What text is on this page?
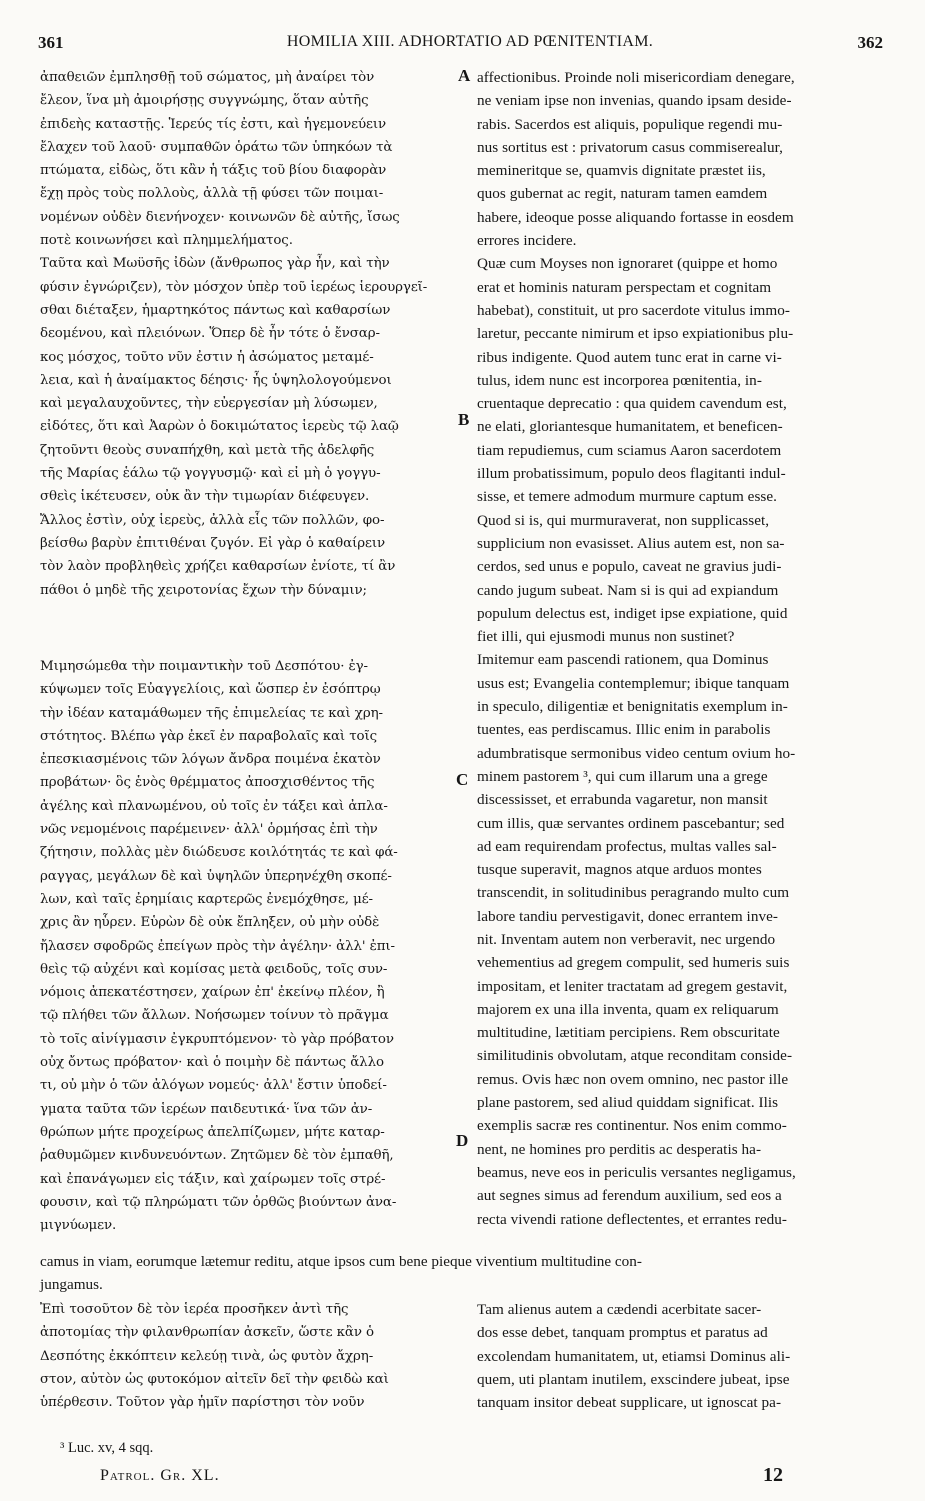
361	HOMILIA XIII. ADHORTATIO AD PŒNITENTIAM.	362
ἀπαθειῶν ἐμπλησθῇ τοῦ σώματος, μὴ ἀναίρει τὸν
ἔλεον, ἵνα μὴ ἀμοιρήσῃς συγγνώμης, ὅταν αὐτῆς
ἐπιδεὴς καταστῇς. Ἱερεύς τίς ἐστι, καὶ ἡγεμονεύειν
ἔλαχεν τοῦ λαοῦ· συμπαθῶν ὁράτω τῶν ὑπηκόων τὰ
πτώματα, εἰδὼς, ὅτι κἂν ἡ τάξις τοῦ βίου διαφορὰν
ἔχῃ πρὸς τοὺς πολλοὺς, ἀλλὰ τῇ φύσει τῶν ποιμαι-
νομένων οὐδὲν διενήνοχεν· κοινωνῶν δὲ αὐτῆς, ἴσως
ποτὲ κοινωνήσει καὶ πλημμελήματος.
Ταῦτα καὶ Μωϋσῆς ἰδὼν (ἄνθρωπος γὰρ ἦν, καὶ τὴν
φύσιν ἐγνώριζεν), τὸν μόσχον ὑπὲρ τοῦ ἱερέως ἱερουργεῖ-
σθαι διέταξεν, ἡμαρτηκότος πάντως καὶ καθαρσίων
δεομένου, καὶ πλειόνων. Ὅπερ δὲ ἦν τότε ὁ ἔνσαρ-
κος μόσχος, τοῦτο νῦν ἐστιν ἡ ἀσώματος μεταμέ-
λεια, καὶ ἡ ἀναίμακτος δέησις· ἧς ὑψηλολογούμενοι
καὶ μεγαλαυχοῦντες, τὴν εὐεργεσίαν μὴ λύσωμεν,
εἰδότες, ὅτι καὶ Ἀαρὼν ὁ δοκιμώτατος ἱερεὺς τῷ λαῷ
ζητοῦντι θεοὺς συναπήχθη, καὶ μετὰ τῆς ἀδελφῆς
τῆς Μαρίας ἑάλω τῷ γογγυσμῷ· καὶ εἰ μὴ ὁ γογγυ-
σθεὶς ἱκέτευσεν, οὐκ ἂν τὴν τιμωρίαν διέφευγεν.
Ἄλλος ἐστὶν, οὐχ ἱερεὺς, ἀλλὰ εἷς τῶν πολλῶν, φο-
βείσθω βαρὺν ἐπιτιθέναι ζυγόν. Εἰ γὰρ ὁ καθαίρειν
τὸν λαὸν προβληθεὶς χρήζει καθαρσίων ἐνίοτε, τί ἂν
πάθοι ὁ μηδὲ τῆς χειροτονίας ἔχων τὴν δύναμιν;
affectionibus. Proinde noli misericordiam denegare,
ne veniam ipse non invenias, quando ipsam deside-
rabis. Sacerdos est aliquis, populique regendi mu-
nus sortitus est : privatorum casus commiserealur,
memineritque se, quamvis dignitate præstet iis,
quos gubernat ac regit, naturam tamen eamdem
habere, ideoque posse aliquando fortasse in eosdem
errores incidere.
Quæ cum Moyses non ignoraret (quippe et homo
erat et hominis naturam perspectam et cognitam
habebat), constituit, ut pro sacerdote vitulus immo-
laretur, peccante nimirum et ipso expiationibus plu-
ribus indigente. Quod autem tunc erat in carne vi-
tulus, idem nunc est incorporea pœnitentia, in-
cruentaque deprecatio : qua quidem cavendum est,
ne elati, gloriantesque humanitatem, et beneficen-
tiam repudiemus, cum sciamus Aaron sacerdotem
illum probatissimum, populo deos flagitanti indul-
sisse, et temere admodum murmure captum esse.
Quod si is, qui murmuraverat, non supplicasset,
supplicium non evasisset. Alius autem est, non sa-
cerdos, sed unus e populo, caveat ne gravius judi-
cando jugum subeat. Nam si is qui ad expiandum
populum delectus est, indiget ipse expiatione, quid
fiet illi, qui ejusmodi munus non sustinet?
Imitemur eam pascendi rationem, qua Dominus
usus est; Evangelia contemplemur; ibique tanquam
in speculo, diligentiæ et benignitatis exemplum in-
tuentes, eas perdiscamus. Illic enim in parabolis
adumbratisque sermonibus video centum ovium ho-
minem pastorem ³, qui cum illarum una a grege
discessisset, et errabunda vagaretur, non mansit
cum illis, quæ servantes ordinem pascebantur; sed
ad eam requirendam profectus, multas valles sal-
tusque superavit, magnos atque arduos montes
transcendit, in solitudinibus peragrando multo cum
labore tandiu pervestigavit, donec errantem inve-
nit. Inventam autem non verberavit, nec urgendo
vehementius ad gregem compulit, sed humeris suis
impositam, et leniter tractatam ad gregem gestavit,
majorem ex una illa inventa, quam ex reliquarum
multitudine, lætitiam percipiens. Rem obscuritate
similitudinis obvolutam, atque reconditam conside-
remus. Ovis hæc non ovem omnino, nec pastor ille
plane pastorem, sed aliud quiddam significat. Ilis
exemplis sacræ res continentur. Nos enim commo-
nent, ne homines pro perditis ac desperatis ha-
beamus, neve eos in periculis versantes negligamus,
aut segnes simus ad ferendum auxilium, sed eos a
recta vivendi ratione deflectentes, et errantes redu-
Μιμησώμεθα τὴν ποιμαντικὴν τοῦ Δεσπότου· ἐγ-
κύψωμεν τοῖς Εὐαγγελίοις, καὶ ὥσπερ ἐν ἐσόπτρῳ
τὴν ἰδέαν καταμάθωμεν τῆς ἐπιμελείας τε καὶ χρη-
στότητος. Βλέπω γὰρ ἐκεῖ ἐν παραβολαῖς καὶ τοῖς
ἐπεσκιασμένοις τῶν λόγων ἄνδρα ποιμένα ἑκατὸν
προβάτων· ὃς ἑνὸς θρέμματος ἀποσχισθέντος τῆς
ἀγέλης καὶ πλανωμένου, οὐ τοῖς ἐν τάξει καὶ ἀπλα-
νῶς νεμομένοις παρέμεινεν· ἀλλ' ὁρμήσας ἐπὶ τὴν
ζήτησιν, πολλὰς μὲν διώδευσε κοιλότητάς τε καὶ φά-
ραγγας, μεγάλων δὲ καὶ ὑψηλῶν ὑπερηνέχθη σκοπέ-
λων, καὶ ταῖς ἐρημίαις καρτερῶς ἐνεμόχθησε, μέ-
χρις ἂν ηὗρεν. Εὑρὼν δὲ οὐκ ἔπληξεν, οὐ μὴν οὐδὲ
ἤλασεν σφοδρῶς ἐπείγων πρὸς τὴν ἀγέλην· ἀλλ' ἐπι-
θεὶς τῷ αὐχένι καὶ κομίσας μετὰ φειδοῦς, τοῖς συν-
νόμοις ἀπεκατέστησεν, χαίρων ἐπ' ἐκείνῳ πλέον, ἢ
τῷ πλήθει τῶν ἄλλων. Νοήσωμεν τοίνυν τὸ πρᾶγμα
τὸ τοῖς αἰνίγμασιν ἐγκρυπτόμενον· τὸ γὰρ πρόβατον
οὐχ ὄντως πρόβατον· καὶ ὁ ποιμὴν δὲ πάντως ἄλλο
τι, οὐ μὴν ὁ τῶν ἀλόγων νομεύς· ἀλλ' ἔστιν ὑποδεί-
γματα ταῦτα τῶν ἱερέων παιδευτικά· ἵνα τῶν ἀν-
θρώπων μήτε προχείρως ἀπελπίζωμεν, μήτε καταρ-
ῥαθυμῶμεν κινδυνευόντων. Ζητῶμεν δὲ τὸν ἐμπαθῆ,
καὶ ἐπανάγωμεν εἰς τάξιν, καὶ χαίρωμεν τοῖς στρέ-
φουσιν, καὶ τῷ πληρώματι τῶν ὀρθῶς βιούντων ἀνα-
μιγνύωμεν.
A
B
C
D
camus in viam, eorumque lætemur reditu, atque ipsos cum bene pieque viventium multitudine con-
jungamus.
Ἐπὶ τοσοῦτον δὲ τὸν ἱερέα προσῆκεν ἀντὶ τῆς
ἀποτομίας τὴν φιλανθρωπίαν ἀσκεῖν, ὥστε κἂν ὁ
Δεσπότης ἐκκόπτειν κελεύῃ τινὰ, ὡς φυτὸν ἄχρη-
στον, αὐτὸν ὡς φυτοκόμον αἰτεῖν δεῖ τὴν φειδὼ καὶ
ὑπέρθεσιν. Τοῦτον γὰρ ἡμῖν παρίστησι τὸν νοῦν
Tam alienus autem a cædendi acerbitate sacer-
dos esse debet, tanquam promptus et paratus ad
excolendam humanitatem, ut, etiamsi Dominus ali-
quem, uti plantam inutilem, exscindere jubeat, ipse
tanquam insitor debeat supplicare, ut ignoscat pa-
³ Luc. xv, 4 sqq.
Patrol. Gr. XL.	12
